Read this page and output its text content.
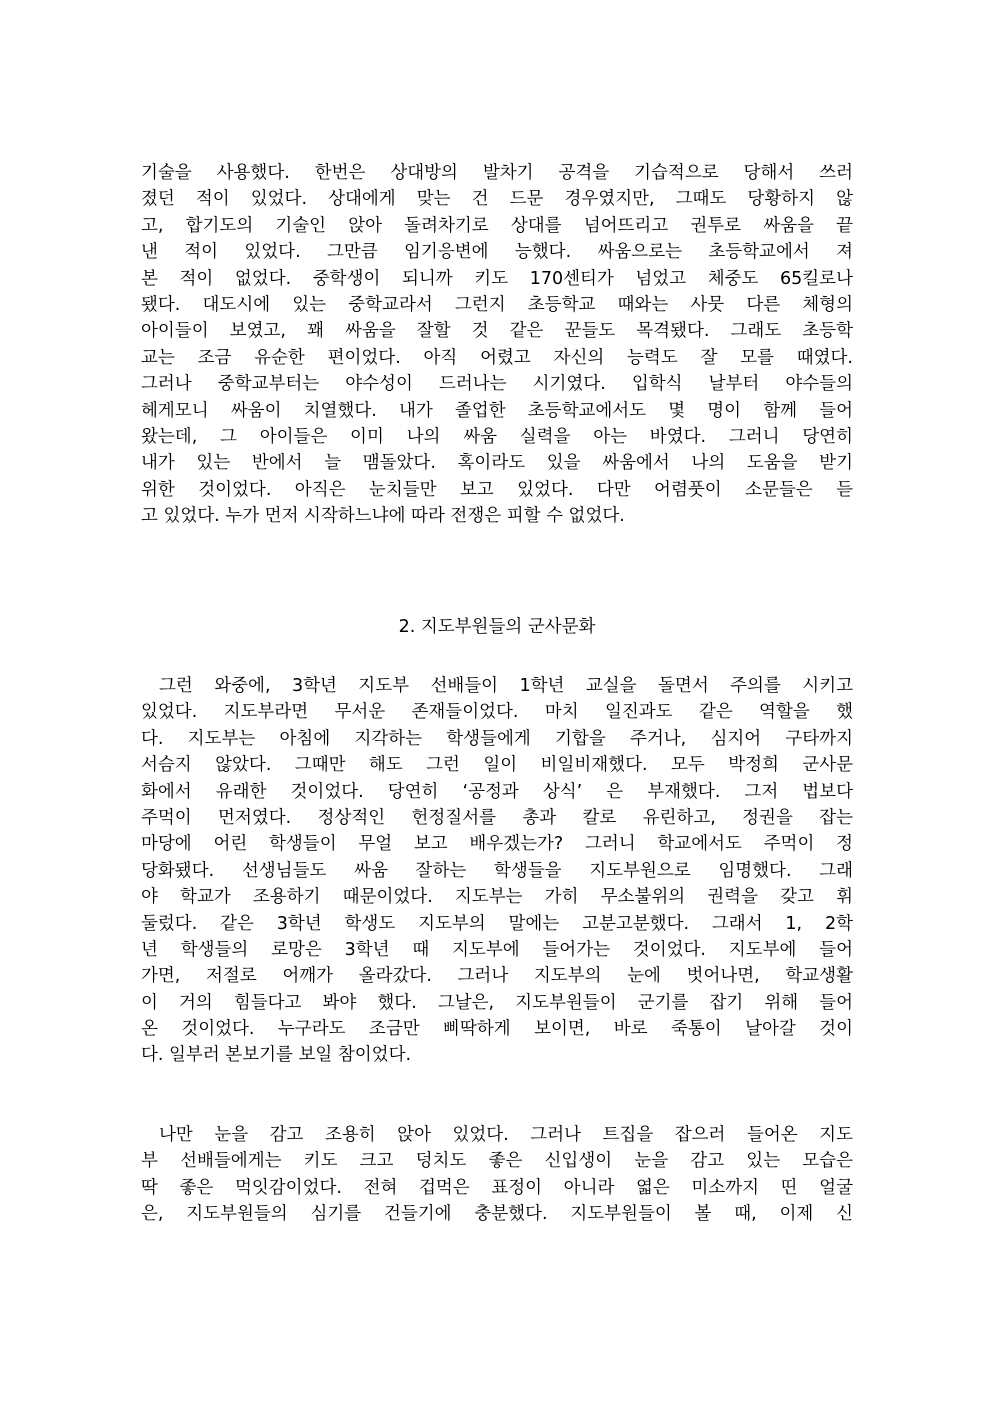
기술을 사용했다. 한번은 상대방의 발차기 공격을 기습적으로 당해서 쓰러
졌던 적이 있었다. 상대에게 맞는 건 드문 경우였지만, 그때도 당황하지 않
고, 합기도의 기술인 앉아 돌려차기로 상대를 넘어뜨리고 권투로 싸움을 끝
낸 적이 있었다. 그만큼 임기응변에 능했다. 싸움으로는 초등학교에서 져
본 적이 없었다. 중학생이 되니까 키도 170센티가 넘었고 체중도 65킬로나
됐다. 대도시에 있는 중학교라서 그런지 초등학교 때와는 사뭇 다른 체형의
아이들이 보였고, 꽤 싸움을 잘할 것 같은 꾼들도 목격됐다. 그래도 초등학
교는 조금 유순한 편이었다. 아직 어렸고 자신의 능력도 잘 모를 때였다.
그러나 중학교부터는 야수성이 드러나는 시기였다. 입학식 날부터 야수들의
헤게모니 싸움이 치열했다. 내가 졸업한 초등학교에서도 몇 명이 함께 들어
왔는데, 그 아이들은 이미 나의 싸움 실력을 아는 바였다. 그러니 당연히
내가 있는 반에서 늘 맴돌았다. 혹이라도 있을 싸움에서 나의 도움을 받기
위한 것이었다. 아직은 눈치들만 보고 있었다. 다만 어렴풋이 소문들은 듣
고 있었다. 누가 먼저 시작하느냐에 따라 전쟁은 피할 수 없었다.
2. 지도부원들의 군사문화
그런 와중에, 3학년 지도부 선배들이 1학년 교실을 돌면서 주의를 시키고
있었다. 지도부라면 무서운 존재들이었다. 마치 일진과도 같은 역할을 했
다. 지도부는 아침에 지각하는 학생들에게 기합을 주거나, 심지어 구타까지
서슴지 않았다. 그때만 해도 그런 일이 비일비재했다. 모두 박정희 군사문
화에서 유래한 것이었다. 당연히 ‘공정과 상식’ 은 부재했다. 그저 법보다
주먹이 먼저였다. 정상적인 헌정질서를 총과 칼로 유린하고, 정권을 잡는
마당에 어린 학생들이 무얼 보고 배우겠는가? 그러니 학교에서도 주먹이 정
당화됐다. 선생님들도 싸움 잘하는 학생들을 지도부원으로 임명했다. 그래
야 학교가 조용하기 때문이었다. 지도부는 가히 무소불위의 권력을 갖고 휘
둘렀다. 같은 3학년 학생도 지도부의 말에는 고분고분했다. 그래서 1, 2학
년 학생들의 로망은 3학년 때 지도부에 들어가는 것이었다. 지도부에 들어
가면, 저절로 어깨가 올라갔다. 그러나 지도부의 눈에 벗어나면, 학교생활
이 거의 힘들다고 봐야 했다. 그날은, 지도부원들이 군기를 잡기 위해 들어
온 것이었다. 누구라도 조금만 삐딱하게 보이면, 바로 죽통이 날아갈 것이
다. 일부러 본보기를 보일 참이었다.
나만 눈을 감고 조용히 앉아 있었다. 그러나 트집을 잡으러 들어온 지도
부 선배들에게는 키도 크고 덩치도 좋은 신입생이 눈을 감고 있는 모습은
딱 좋은 먹잇감이었다. 전혀 겁먹은 표정이 아니라 엷은 미소까지 띤 얼굴
은, 지도부원들의 심기를 건들기에 충분했다. 지도부원들이 볼 때, 이제 신
